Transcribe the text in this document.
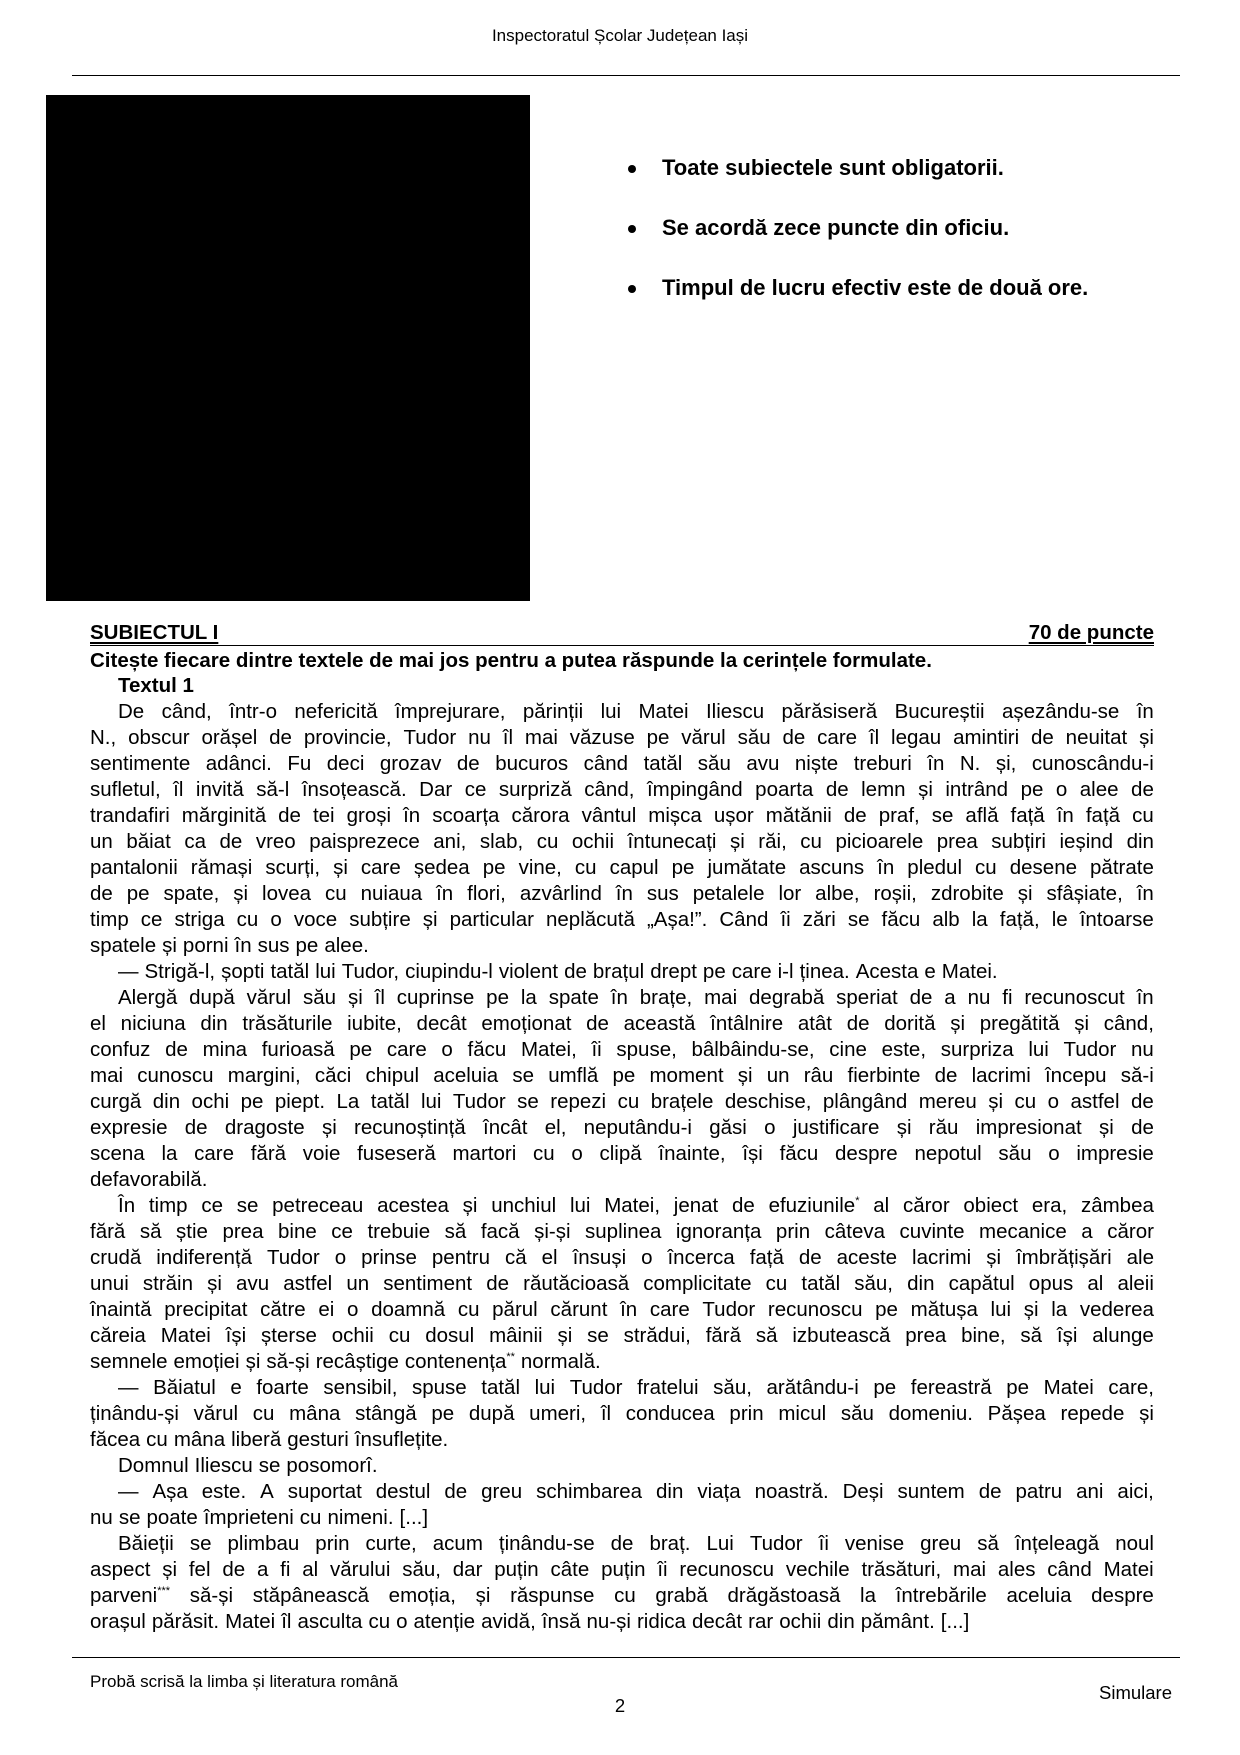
Inspectoratul Școlar Județean Iași
Toate subiectele sunt obligatorii.
Se acordă zece puncte din oficiu.
Timpul de lucru efectiv este de două ore.
SUBIECTUL I	70 de puncte
Citește fiecare dintre textele de mai jos pentru a putea răspunde la cerințele formulate.
Textul 1
De când, într-o nefericită împrejurare, părinții lui Matei Iliescu părăsiseră Bucureștii așezându-se în
N., obscur orășel de provincie, Tudor nu îl mai văzuse pe vărul său de care îl legau amintiri de neuitat și
sentimente adânci. Fu deci grozav de bucuros când tatăl său avu niște treburi în N. și, cunoscându-i
sufletul, îl invită să-l însoțească. Dar ce surpriză când, împingând poarta de lemn și intrând pe o alee de
trandafiri mărginită de tei groși în scoarța cărora vântul mișca ușor mătănii de praf, se află față în față cu
un băiat ca de vreo paisprezece ani, slab, cu ochii întunecați și răi, cu picioarele prea subțiri ieșind din
pantalonii rămași scurți, și care ședea pe vine, cu capul pe jumătate ascuns în pledul cu desene pătrate
de pe spate, și lovea cu nuiaua în flori, azvârlind în sus petalele lor albe, roșii, zdrobite și sfâșiate, în
timp ce striga cu o voce subțire și particular neplăcută „Așa!”. Când îi zări se făcu alb la față, le întoarse
spatele și porni în sus pe alee.
— Strigă-l, șopti tatăl lui Tudor, ciupindu-l violent de brațul drept pe care i-l ținea. Acesta e Matei.
Alergă după vărul său și îl cuprinse pe la spate în brațe, mai degrabă speriat de a nu fi recunoscut în
el niciuna din trăsăturile iubite, decât emoționat de această întâlnire atât de dorită și pregătită și când,
confuz de mina furioasă pe care o făcu Matei, îi spuse, bâlbâindu-se, cine este, surpriza lui Tudor nu
mai cunoscu margini, căci chipul aceluia se umflă pe moment și un râu fierbinte de lacrimi începu să-i
curgă din ochi pe piept. La tatăl lui Tudor se repezi cu brațele deschise, plângând mereu și cu o astfel de
expresie de dragoste și recunoștință încât el, neputându-i găsi o justificare și rău impresionat și de
scena la care fără voie fuseseră martori cu o clipă înainte, își făcu despre nepotul său o impresie
defavorabilă.
În timp ce se petreceau acestea și unchiul lui Matei, jenat de efuziunile* al căror obiect era, zâmbea
fără să știe prea bine ce trebuie să facă și-și suplinea ignoranța prin câteva cuvinte mecanice a căror
crudă indiferență Tudor o prinse pentru că el însuși o încerca față de aceste lacrimi și îmbrățișări ale
unui străin și avu astfel un sentiment de răutăcioasă complicitate cu tatăl său, din capătul opus al aleii
înaintă precipitat către ei o doamnă cu părul cărunt în care Tudor recunoscu pe mătușa lui și la vederea
căreia Matei își șterse ochii cu dosul mâinii și se strădui, fără să izbutească prea bine, să își alunge
semnele emoției și să-și recâștige contenența** normală.
— Băiatul e foarte sensibil, spuse tatăl lui Tudor fratelui său, arătându-i pe fereastră pe Matei care,
ținându-și vărul cu mâna stângă pe după umeri, îl conducea prin micul său domeniu. Pășea repede și
făcea cu mâna liberă gesturi însuflețite.
Domnul Iliescu se posomorî.
— Așa este. A suportat destul de greu schimbarea din viața noastră. Deși suntem de patru ani aici,
nu se poate împrieteni cu nimeni. [...]
Băieții se plimbau prin curte, acum ținându-se de braț. Lui Tudor îi venise greu să înțeleagă noul
aspect și fel de a fi al vărului său, dar puțin câte puțin îi recunoscu vechile trăsături, mai ales când Matei
parveni*** să-și stăpânească emoția, și răspunse cu grabă drăgăstoasă la întrebările aceluia despre
orașul părăsit. Matei îl asculta cu o atenție avidă, însă nu-și ridica decât rar ochii din pământ. [...]
Probă scrisă la limba și literatura română
2
Simulare
